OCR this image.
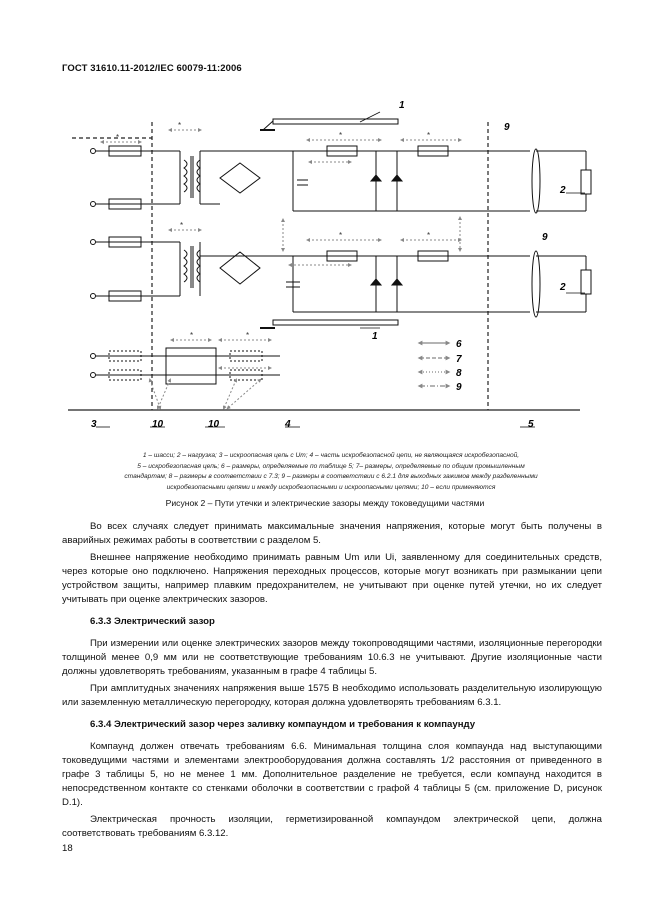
ГОСТ 31610.11-2012/IEC 60079-11:2006
1
1
2
2
3	4	5
9
9
10	10
6
7
8
9
*
*
*	*
*
*
*
*	*
1 – шасси; 2 – нагрузка; 3 – искроопасная цепь с Um; 4 – часть искробезопасной цепи, не являющаяся искробезопасной,
5 – искробезопасная цепь; 6 – размеры, определяемые по таблице 5; 7– размеры, определяемые по общим промышленным
стандартам; 8 – размеры в соответствии с 7.3; 9 – размеры в соответствии с 6.2.1 для выходных зажимов между разделенными
искробезопасными цепями и между искробезопасными и искроопасными цепями; 10 – если применяются
Рисунок 2 – Пути утечки и электрические зазоры между токоведущими частями

Во всех случаях следует принимать максимальные значения напряжения, которые могут быть получены в аварийных режимах работы в соответствии с разделом 5.

Внешнее напряжение необходимо принимать равным Um или Ui, заявленному для соединительных средств, через которые оно подключено. Напряжения переходных процессов, которые могут возникать при размыкании цепи устройством защиты, например плавким предохранителем, не учитывают при оценке путей утечки, но их следует учитывать при оценке электрических зазоров.

6.3.3 Электрический зазор

При измерении или оценке электрических зазоров между токопроводящими частями, изоляционные перегородки толщиной менее 0,9 мм или не соответствующие требованиям 10.6.3 не учитывают. Другие изоляционные части должны удовлетворять требованиям, указанным в графе 4 таблицы 5.

При амплитудных значениях напряжения выше 1575 В необходимо использовать разделительную изолирующую или заземленную металлическую перегородку, которая должна удовлетворять требованиям 6.3.1.

6.3.4 Электрический зазор через заливку компаундом и требования к компаунду

Компаунд должен отвечать требованиям 6.6. Минимальная толщина слоя компаунда над выступающими токоведущими частями и элементами электрооборудования должна составлять 1/2 расстояния от приведенного в графе 3 таблицы 5, но не менее 1 мм. Дополнительное разделение не требуется, если компаунд находится в непосредственном контакте со стенками оболочки в соответствии с графой 4 таблицы 5 (см. приложение D, рисунок D.1).

Электрическая прочность изоляции, герметизированной компаундом электрической цепи, должна соответствовать требованиям 6.3.12.

18
